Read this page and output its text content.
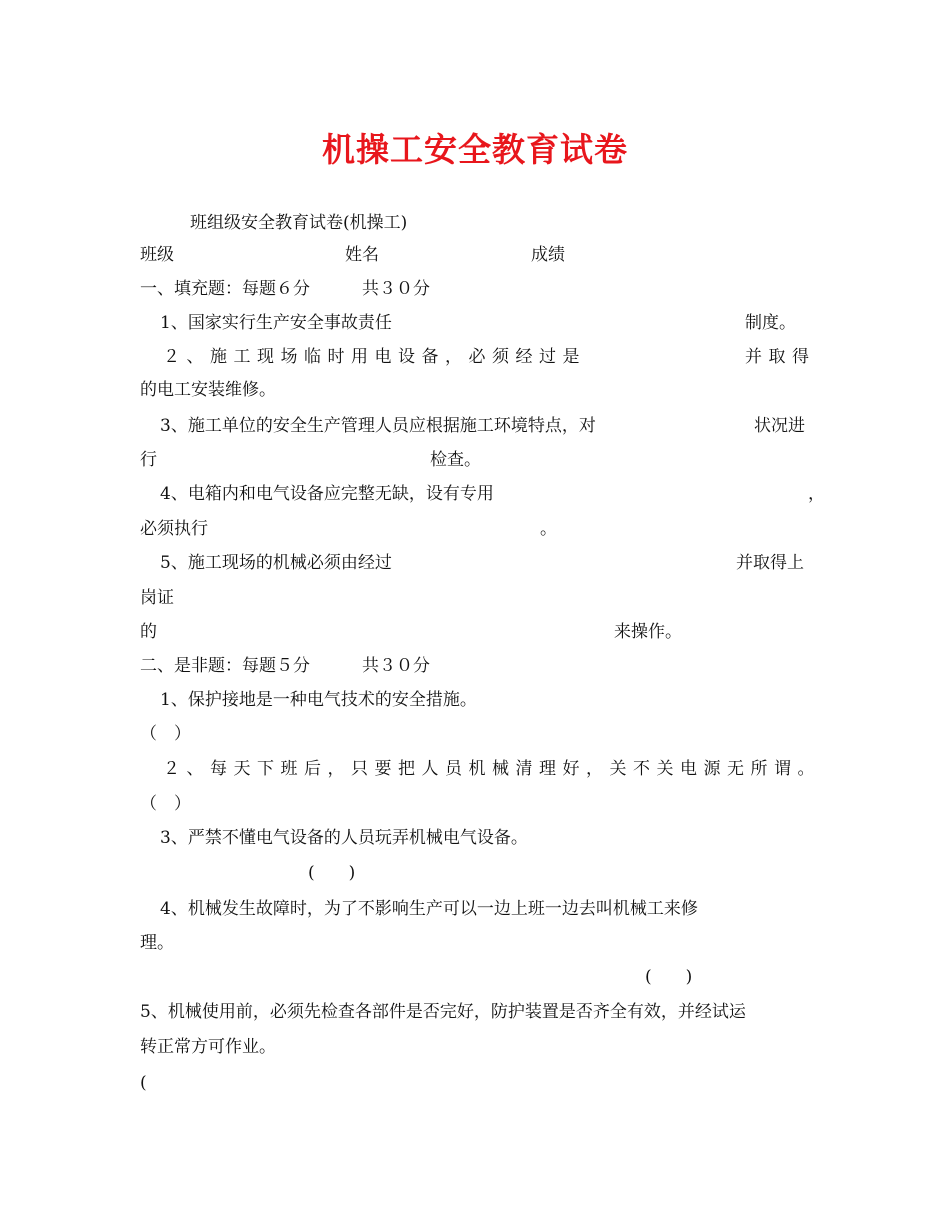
机操工安全教育试卷
班组级安全教育试卷(机操工)
班级	姓名	成绩
一、填充题：每题６分	共３０分
1、国家实行生产安全事故责任	制度。
２、施工现场临时用电设备，必须经过是	并取得
的电工安装维修。
3、施工单位的安全生产管理人员应根据施工环境特点，对	状况进
行	检查。
4、电箱内和电气设备应完整无缺，设有专用	，
必须执行	。
5、施工现场的机械必须由经过	并取得上
岗证
的	来操作。
二、是非题：每题５分	共３０分
1、保护接地是一种电气技术的安全措施。
（　）
２、每天下班后，只要把人员机械清理好，关不关电源无所谓。
（　）
3、严禁不懂电气设备的人员玩弄机械电气设备。
(　　)
4、机械发生故障时，为了不影响生产可以一边上班一边去叫机械工来修
理。
(　　)
5、机械使用前，必须先检查各部件是否完好，防护装置是否齐全有效，并经试运
转正常方可作业。
(
